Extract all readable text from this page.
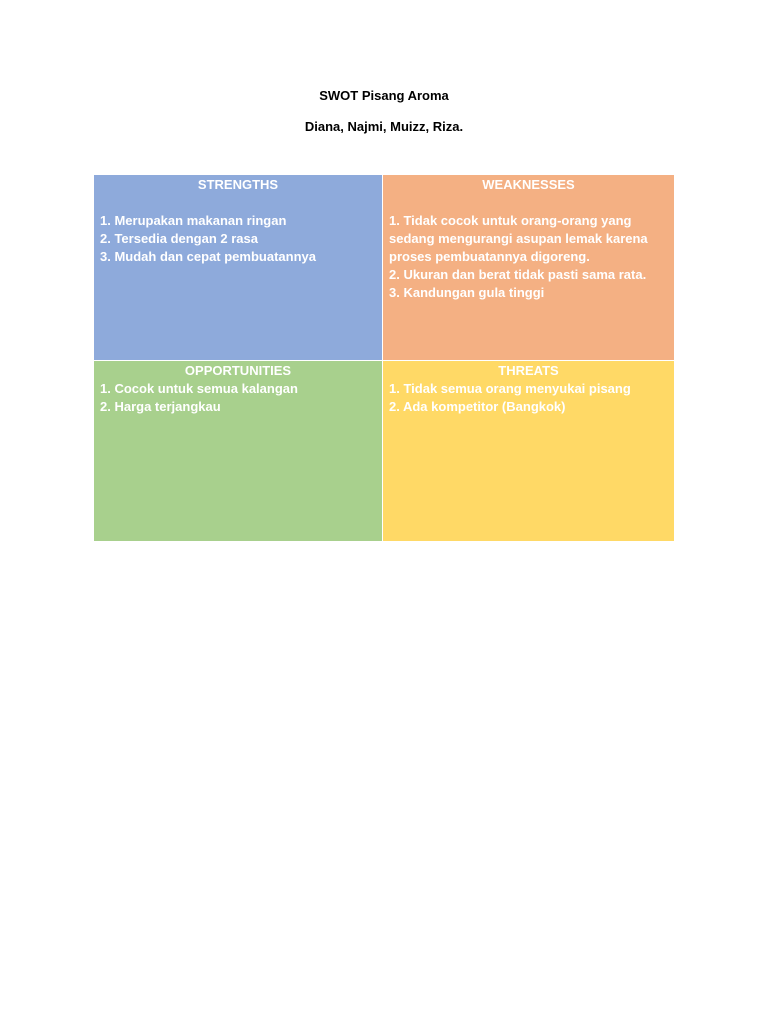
SWOT Pisang Aroma
Diana, Najmi, Muizz, Riza.
STRENGTHS
1. Merupakan makanan ringan
2. Tersedia dengan 2 rasa
3. Mudah dan cepat pembuatannya
WEAKNESSES
1. Tidak cocok untuk orang-orang yang sedang mengurangi asupan lemak karena proses pembuatannya digoreng.
2. Ukuran dan berat tidak pasti sama rata.
3. Kandungan gula tinggi
OPPORTUNITIES
1. Cocok untuk semua kalangan
2. Harga terjangkau
THREATS
1. Tidak semua orang menyukai pisang
2. Ada kompetitor (Bangkok)
